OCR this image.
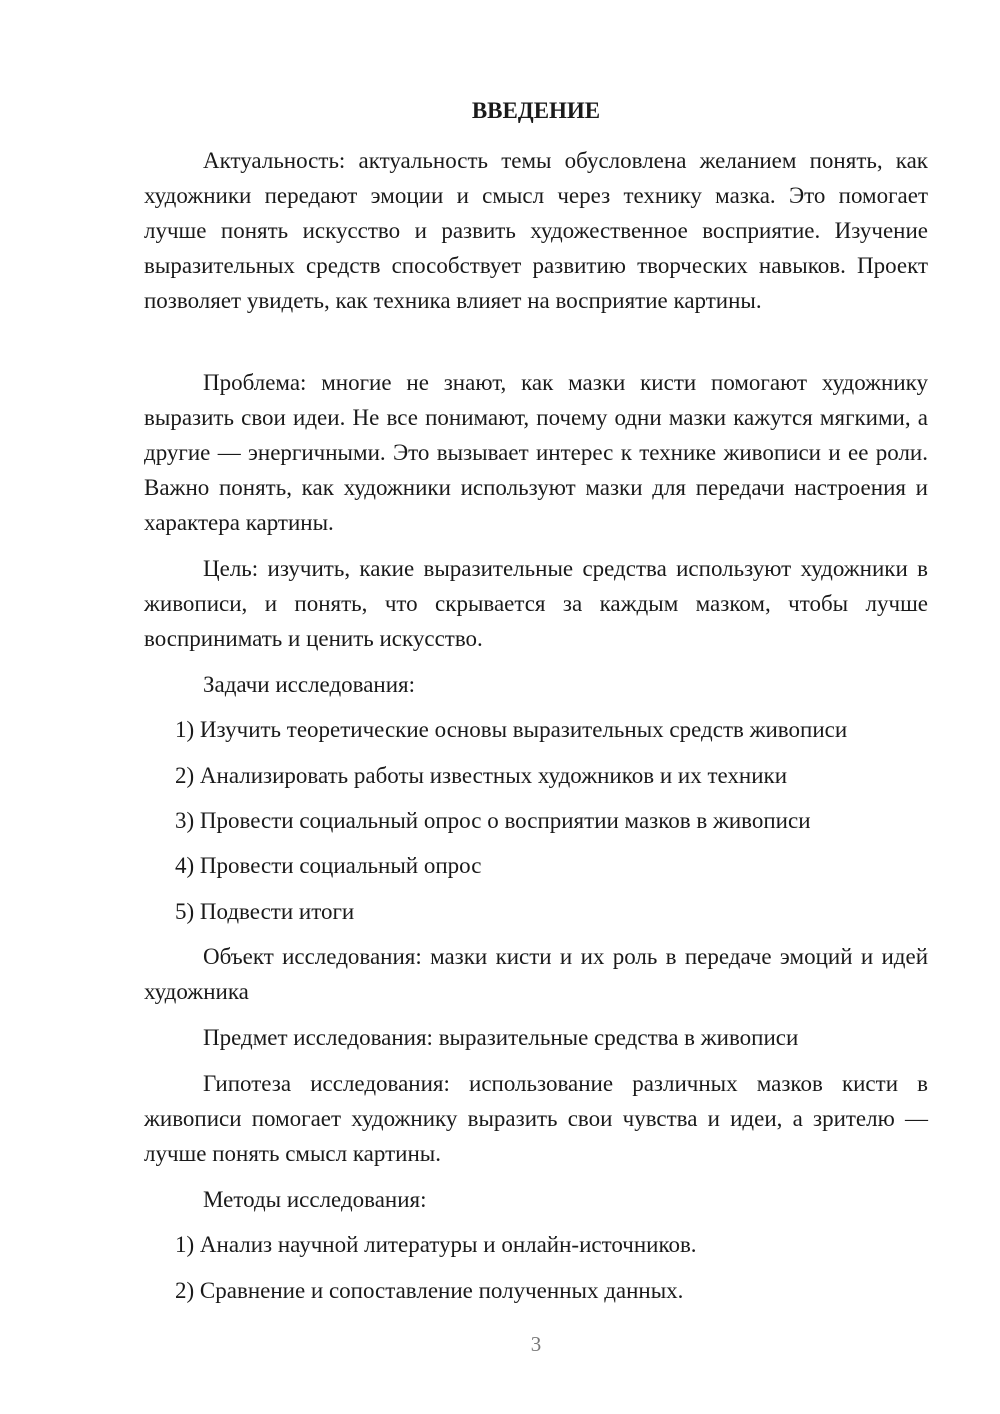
ВВЕДЕНИЕ

Актуальность: актуальность темы обусловлена желанием понять, как художники передают эмоции и смысл через технику мазка. Это помогает лучше понять искусство и развить художественное восприятие. Изучение выразительных средств способствует развитию творческих навыков. Проект позволяет увидеть, как техника влияет на восприятие картины.

Проблема: многие не знают, как мазки кисти помогают художнику выразить свои идеи. Не все понимают, почему одни мазки кажутся мягкими, а другие — энергичными. Это вызывает интерес к технике живописи и ее роли. Важно понять, как художники используют мазки для передачи настроения и характера картины.

Цель: изучить, какие выразительные средства используют художники в живописи, и понять, что скрывается за каждым мазком, чтобы лучше воспринимать и ценить искусство.

Задачи исследования:

1) Изучить теоретические основы выразительных средств живописи

2) Анализировать работы известных художников и их техники

3) Провести социальный опрос о восприятии мазков в живописи

4) Провести социальный опрос

5) Подвести итоги

Объект исследования: мазки кисти и их роль в передаче эмоций и идей художника

Предмет исследования: выразительные средства в живописи

Гипотеза исследования: использование различных мазков кисти в живописи помогает художнику выразить свои чувства и идеи, а зрителю — лучше понять смысл картины.

Методы исследования:

1) Анализ научной литературы и онлайн-источников.

2) Сравнение и сопоставление полученных данных.

3
